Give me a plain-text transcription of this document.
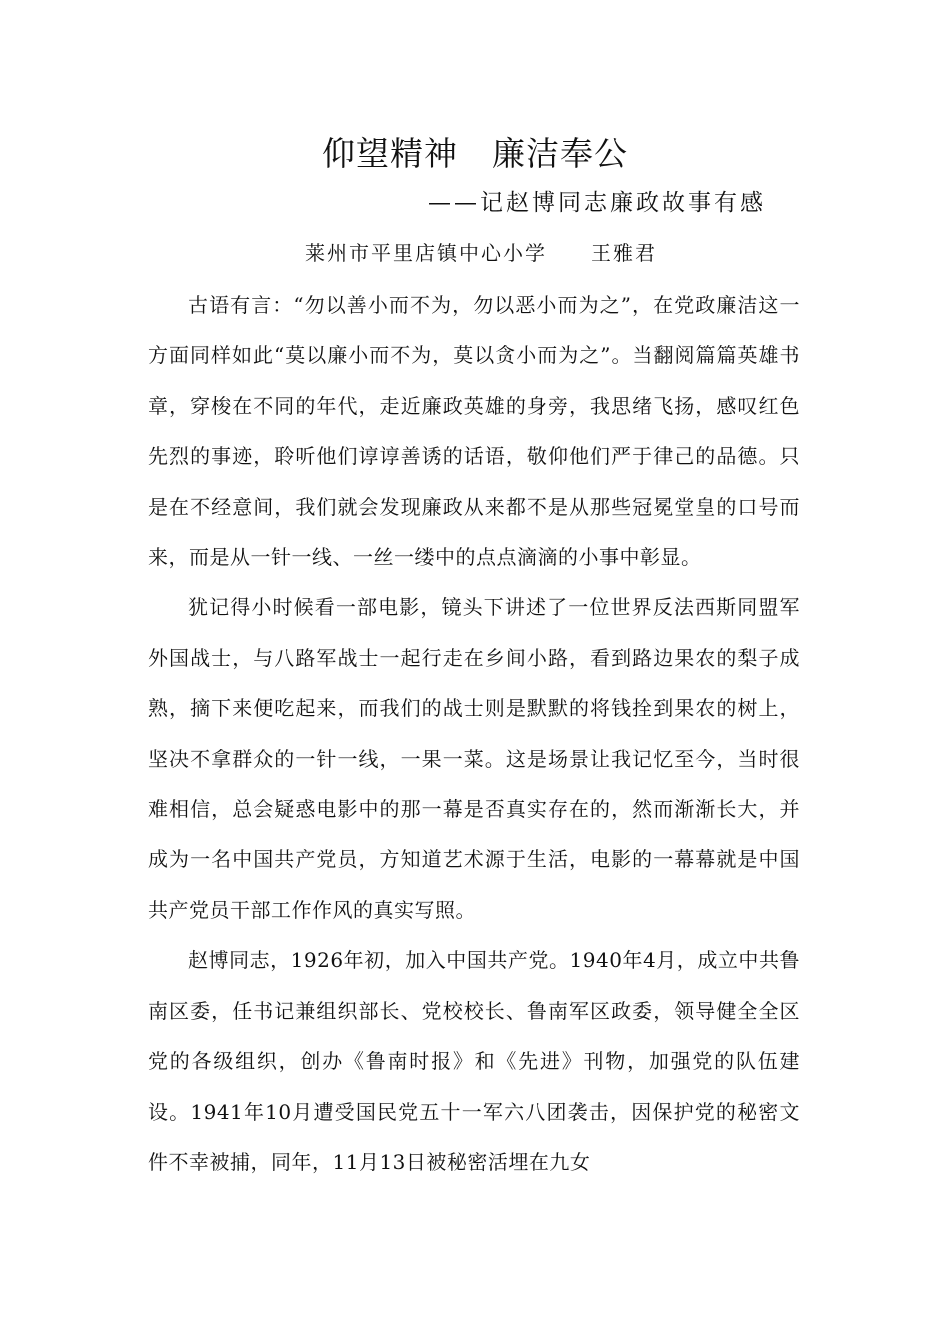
仰望精神　廉洁奉公

——记赵博同志廉政故事有感

莱州市平里店镇中心小学　　王雅君

古语有言：“勿以善小而不为，勿以恶小而为之”，在党政廉洁这一方面同样如此“莫以廉小而不为，莫以贪小而为之”。当翻阅篇篇英雄书章，穿梭在不同的年代，走近廉政英雄的身旁，我思绪飞扬，感叹红色先烈的事迹，聆听他们谆谆善诱的话语，敬仰他们严于律己的品德。只是在不经意间，我们就会发现廉政从来都不是从那些冠冕堂皇的口号而来，而是从一针一线、一丝一缕中的点点滴滴的小事中彰显。

犹记得小时候看一部电影，镜头下讲述了一位世界反法西斯同盟军外国战士，与八路军战士一起行走在乡间小路，看到路边果农的梨子成熟，摘下来便吃起来，而我们的战士则是默默的将钱拴到果农的树上，坚决不拿群众的一针一线，一果一菜。这是场景让我记忆至今，当时很难相信，总会疑惑电影中的那一幕是否真实存在的，然而渐渐长大，并成为一名中国共产党员，方知道艺术源于生活，电影的一幕幕就是中国共产党员干部工作作风的真实写照。

赵博同志，1926年初，加入中国共产党。1940年4月，成立中共鲁南区委，任书记兼组织部长、党校校长、鲁南军区政委，领导健全全区党的各级组织，创办《鲁南时报》和《先进》刊物，加强党的队伍建设。1941年10月遭受国民党五十一军六八团袭击，因保护党的秘密文件不幸被捕，同年，11月13日被秘密活埋在九女
